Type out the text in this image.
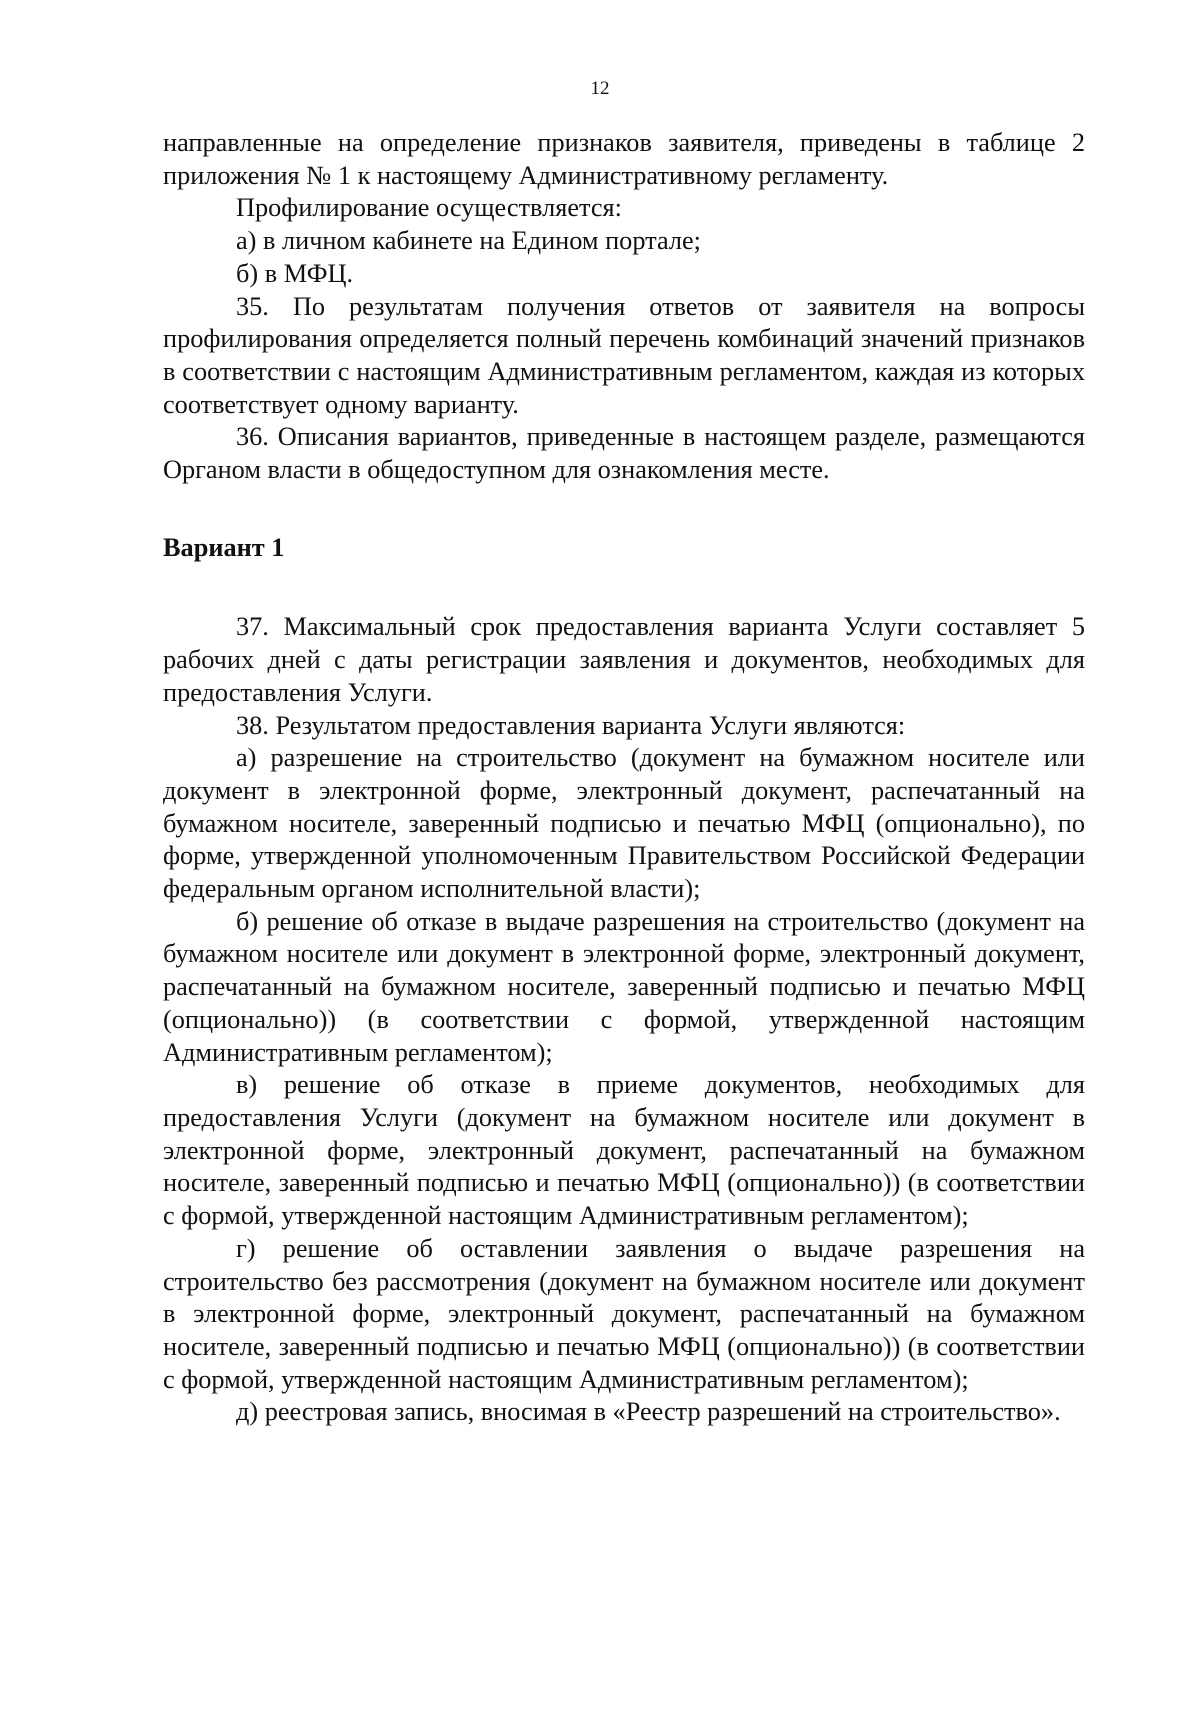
12

направленные на определение признаков заявителя, приведены в таблице 2 приложения № 1 к настоящему Административному регламенту.

Профилирование осуществляется:

а) в личном кабинете на Едином портале;

б) в МФЦ.

35. По результатам получения ответов от заявителя на вопросы профилирования определяется полный перечень комбинаций значений признаков в соответствии с настоящим Административным регламентом, каждая из которых соответствует одному варианту.

36. Описания вариантов, приведенные в настоящем разделе, размещаются Органом власти в общедоступном для ознакомления месте.

Вариант 1

37. Максимальный срок предоставления варианта Услуги составляет 5 рабочих дней с даты регистрации заявления и документов, необходимых для предоставления Услуги.

38. Результатом предоставления варианта Услуги являются:

а) разрешение на строительство (документ на бумажном носителе или документ в электронной форме, электронный документ, распечатанный на бумажном носителе, заверенный подписью и печатью МФЦ (опционально), по форме, утвержденной уполномоченным Правительством Российской Федерации федеральным органом исполнительной власти);

б) решение об отказе в выдаче разрешения на строительство (документ на бумажном носителе или документ в электронной форме, электронный документ, распечатанный на бумажном носителе, заверенный подписью и печатью МФЦ (опционально)) (в соответствии с формой, утвержденной настоящим Административным регламентом);

в) решение об отказе в приеме документов, необходимых для предоставления Услуги (документ на бумажном носителе или документ в электронной форме, электронный документ, распечатанный на бумажном носителе, заверенный подписью и печатью МФЦ (опционально)) (в соответствии с формой, утвержденной настоящим Административным регламентом);

г) решение об оставлении заявления о выдаче разрешения на строительство без рассмотрения (документ на бумажном носителе или документ в электронной форме, электронный документ, распечатанный на бумажном носителе, заверенный подписью и печатью МФЦ (опционально)) (в соответствии с формой, утвержденной настоящим Административным регламентом);

д) реестровая запись, вносимая в «Реестр разрешений на строительство».
